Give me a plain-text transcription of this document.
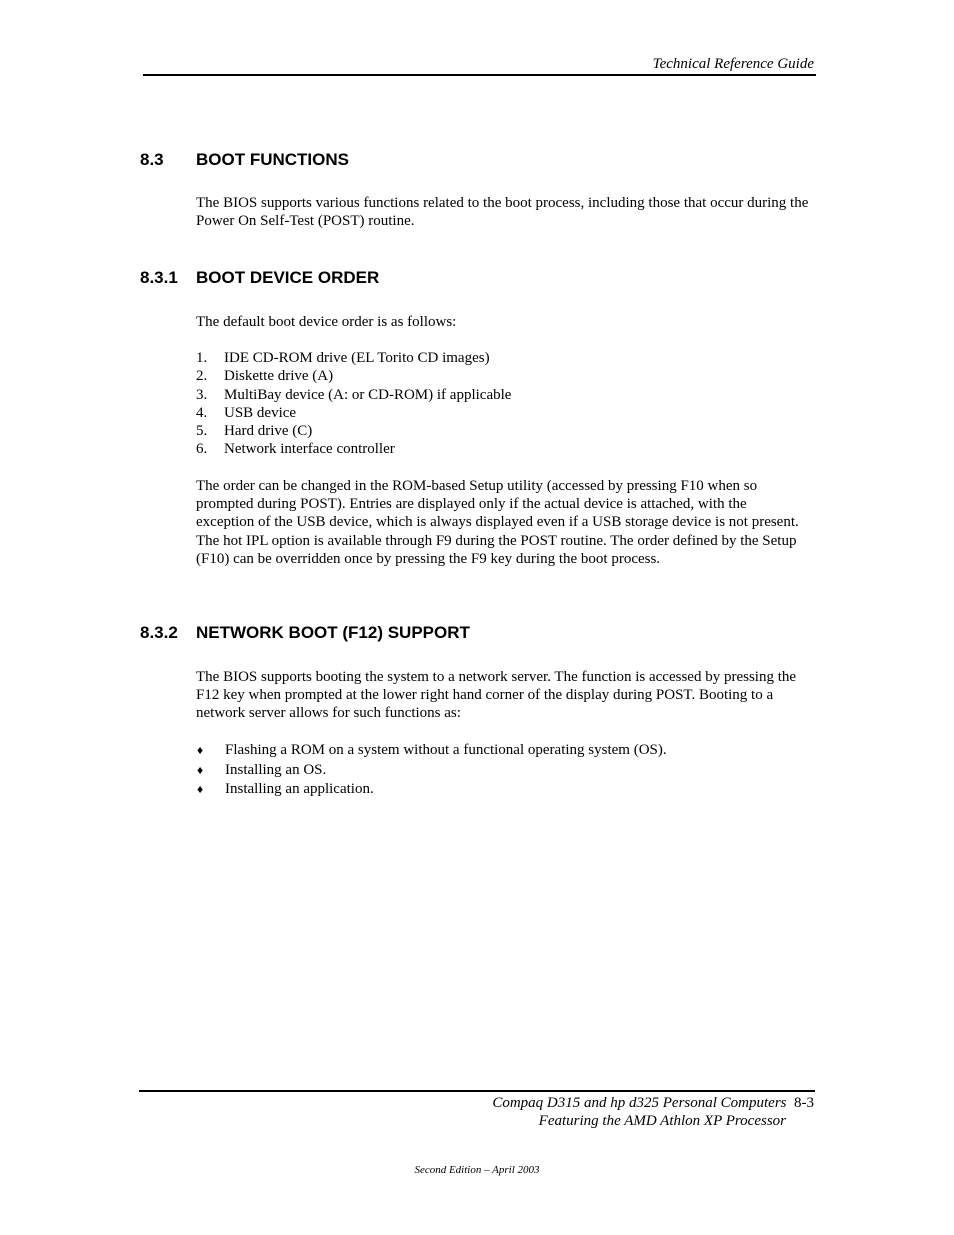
Technical Reference Guide
8.3 BOOT FUNCTIONS
The BIOS supports various functions related to the boot process, including those that occur during the Power On Self-Test (POST) routine.
8.3.1 BOOT DEVICE ORDER
The default boot device order is as follows:
1.	IDE CD-ROM drive (EL Torito CD images)
2.	Diskette drive (A)
3.	MultiBay device (A: or CD-ROM) if applicable
4.	USB device
5.	Hard drive (C)
6.	Network interface controller
The order can be changed in the ROM-based Setup utility (accessed by pressing F10 when so prompted during POST). Entries are displayed only if the actual device is attached, with the exception of the USB device, which is always displayed even if a USB storage device is not present. The hot IPL option is available through F9 during the POST routine. The order defined by the Setup (F10) can be overridden once by pressing the F9 key during the boot process.
8.3.2 NETWORK BOOT (F12) SUPPORT
The BIOS supports booting the system to a network server. The function is accessed by pressing the F12 key when prompted at the lower right hand corner of the display during POST. Booting to a network server allows for such functions as:
♦	Flashing a ROM on a system without a functional operating system (OS).
♦	Installing an OS.
♦	Installing an application.
Compaq D315 and hp d325 Personal Computers 8-3
Featuring the AMD Athlon XP Processor
Second Edition – April 2003
